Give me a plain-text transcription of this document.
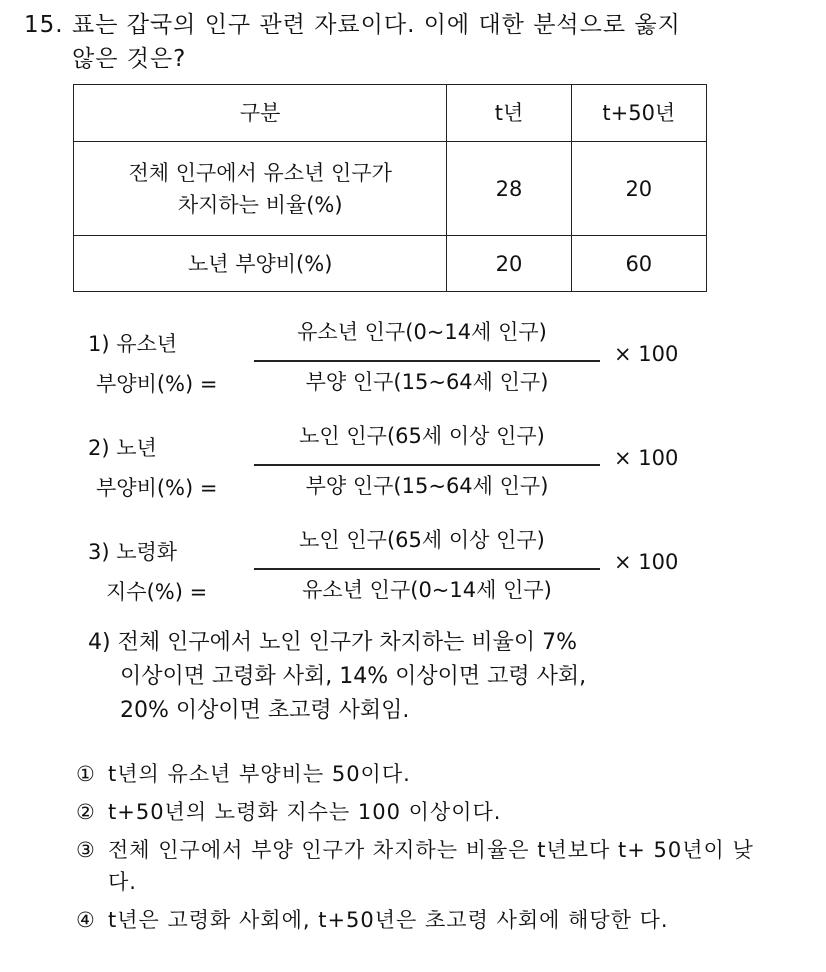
15. 표는 갑국의 인구 관련 자료이다. 이에 대한 분석으로 옳지
않은 것은?
구분	t년	t+50년

전체 인구에서 유소년 인구가
차지하는 비율(%)	28	20
노년 부양비(%)	20	60
1) 유소년
부양비(%) =
유소년 인구(0~14세 인구)
부양 인구(15~64세 인구)
× 100
2) 노년
부양비(%) =
노인 인구(65세 이상 인구)
부양 인구(15~64세 인구)
× 100
3) 노령화
지수(%) =
노인 인구(65세 이상 인구)
유소년 인구(0~14세 인구)
× 100
4) 전체 인구에서 노인 인구가 차지하는 비율이 7%
이상이면 고령화 사회, 14% 이상이면 고령 사회,
20% 이상이면 초고령 사회임.
① t년의 유소년 부양비는 50이다.
② t+50년의 노령화 지수는 100 이상이다.
③ 전체 인구에서 부양 인구가 차지하는 비율은 t년보다 t+ 50년이 낮다.
④ t년은 고령화 사회에, t+50년은 초고령 사회에 해당한 다.
